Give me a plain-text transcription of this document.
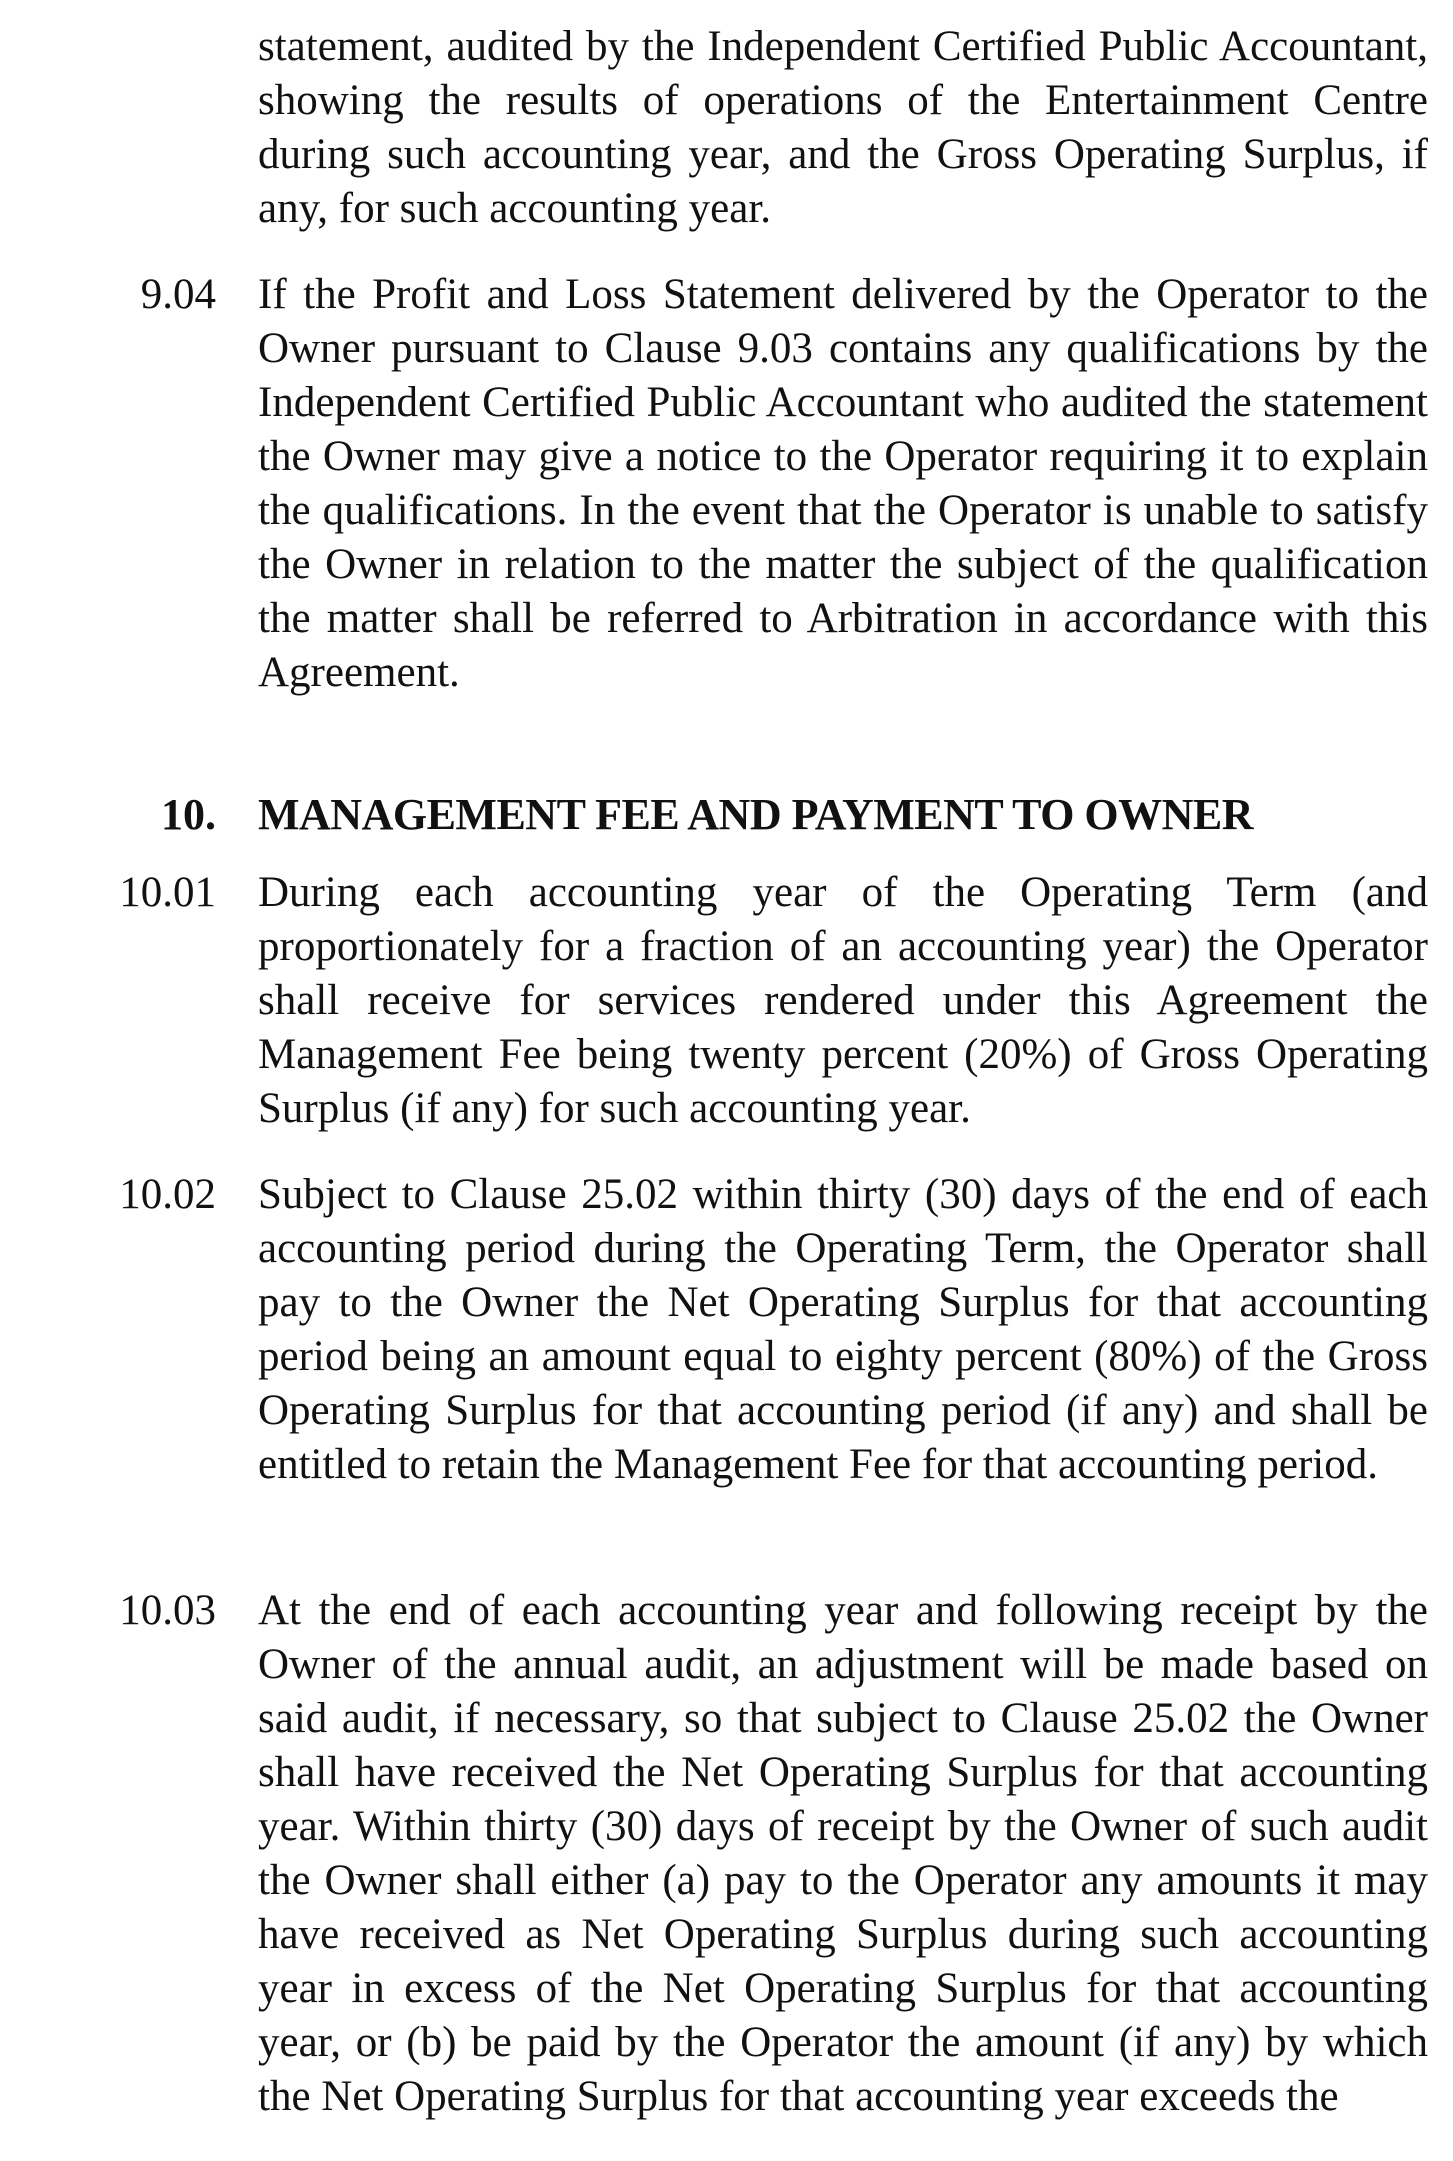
statement, audited by the Independent Certified Public Accountant, showing the results of operations of the Entertainment Centre during such accounting year, and the Gross Operating Surplus, if any, for such accounting year.
9.04 If the Profit and Loss Statement delivered by the Operator to the Owner pursuant to Clause 9.03 contains any qualifications by the Independent Certified Public Accountant who audited the statement the Owner may give a notice to the Operator requiring it to explain the qualifications. In the event that the Operator is unable to satisfy the Owner in relation to the matter the subject of the qualification the matter shall be referred to Arbitration in accordance with this Agreement.
10. MANAGEMENT FEE AND PAYMENT TO OWNER
10.01 During each accounting year of the Operating Term (and proportionately for a fraction of an accounting year) the Operator shall receive for services rendered under this Agreement the Management Fee being twenty percent (20%) of Gross Operating Surplus (if any) for such accounting year.
10.02 Subject to Clause 25.02 within thirty (30) days of the end of each accounting period during the Operating Term, the Operator shall pay to the Owner the Net Operating Surplus for that accounting period being an amount equal to eighty percent (80%) of the Gross Operating Surplus for that accounting period (if any) and shall be entitled to retain the Management Fee for that accounting period.
10.03 At the end of each accounting year and following receipt by the Owner of the annual audit, an adjustment will be made based on said audit, if necessary, so that subject to Clause 25.02 the Owner shall have received the Net Operating Surplus for that accounting year. Within thirty (30) days of receipt by the Owner of such audit the Owner shall either (a) pay to the Operator any amounts it may have received as Net Operating Surplus during such accounting year in excess of the Net Operating Surplus for that accounting year, or (b) be paid by the Operator the amount (if any) by which the Net Operating Surplus for that accounting year exceeds the
